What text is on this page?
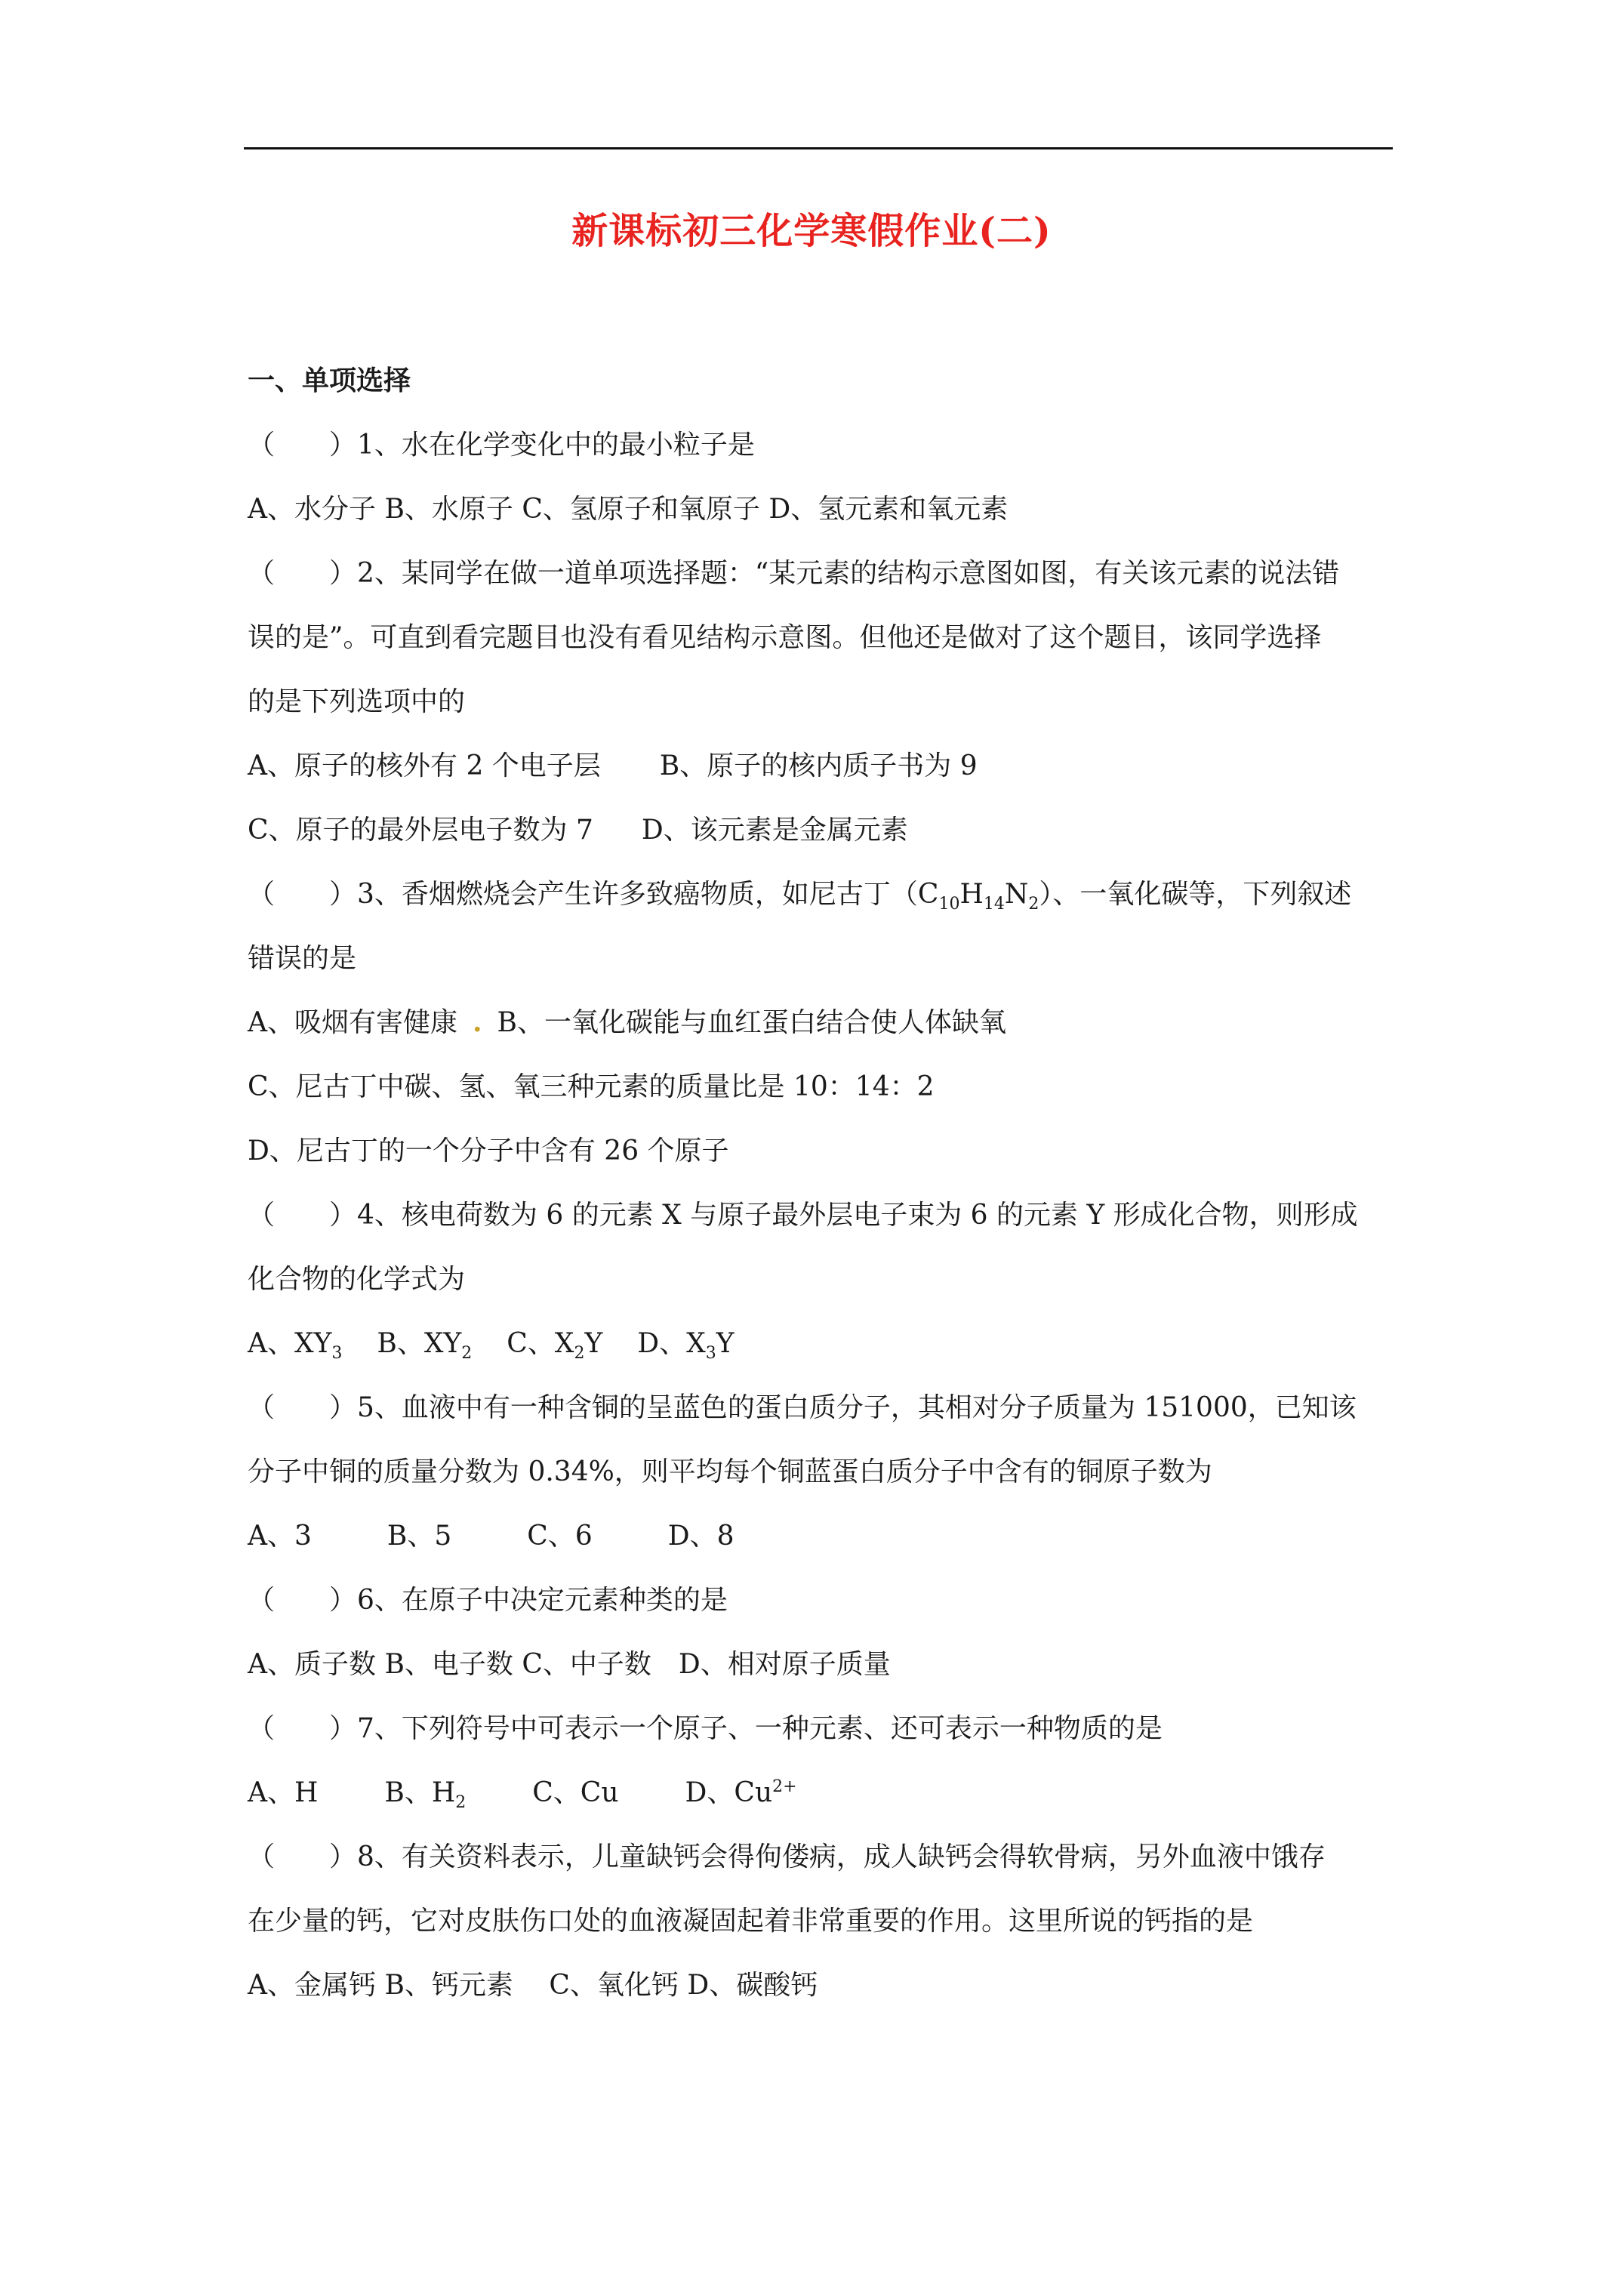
新课标初三化学寒假作业(二)
一、单项选择
（　　）1、水在化学变化中的最小粒子是
A、水分子 B、水原子 C、氢原子和氧原子 D、氢元素和氧元素
（　　）2、某同学在做一道单项选择题：“某元素的结构示意图如图，有关该元素的说法错
误的是”。可直到看完题目也没有看见结构示意图。但他还是做对了这个题目，该同学选择
的是下列选项中的
A、原子的核外有 2 个电子层 B、原子的核内质子书为 9
C、原子的最外层电子数为 7 D、该元素是金属元素
（　　）3、香烟燃烧会产生许多致癌物质，如尼古丁$(C_{10}H_{14}N_2)$、一氧化碳等，下列叙述
错误的是
A、吸烟有害健康 . B、一氧化碳能与血红蛋白结合使人体缺氧
C、尼古丁中碳、氢、氧三种元素的质量比是 10：14：2
D、尼古丁的一个分子中含有 26 个原子
（　　）4、核电荷数为 6 的元素 X 与原子最外层电子束为 6 的元素 Y 形成化合物，则形成
化合物的化学式为
A、$XY_3$ B、$XY_2$ C、$X_2Y$ D、$X_3Y$
（　　）5、血液中有一种含铜的呈蓝色的蛋白质分子，其相对分子质量为 151000，已知该
分子中铜的质量分数为 0.34%，则平均每个铜蓝蛋白质分子中含有的铜原子数为
A、3	B、5	C、6	D、8
（　　）6、在原子中决定元素种类的是
A、质子数 B、电子数 C、中子数　D、相对原子质量
（　　）7、下列符号中可表示一个原子、一种元素、还可表示一种物质的是
A、H B、$H_2$ C、Cu D、$Cu^{2+}$
（　　）8、有关资料表示，儿童缺钙会得佝偻病，成人缺钙会得软骨病，另外血液中饿存
在少量的钙，它对皮肤伤口处的血液凝固起着非常重要的作用。这里所说的钙指的是
A、金属钙 B、钙元素　 C、氧化钙 D、碳酸钙
